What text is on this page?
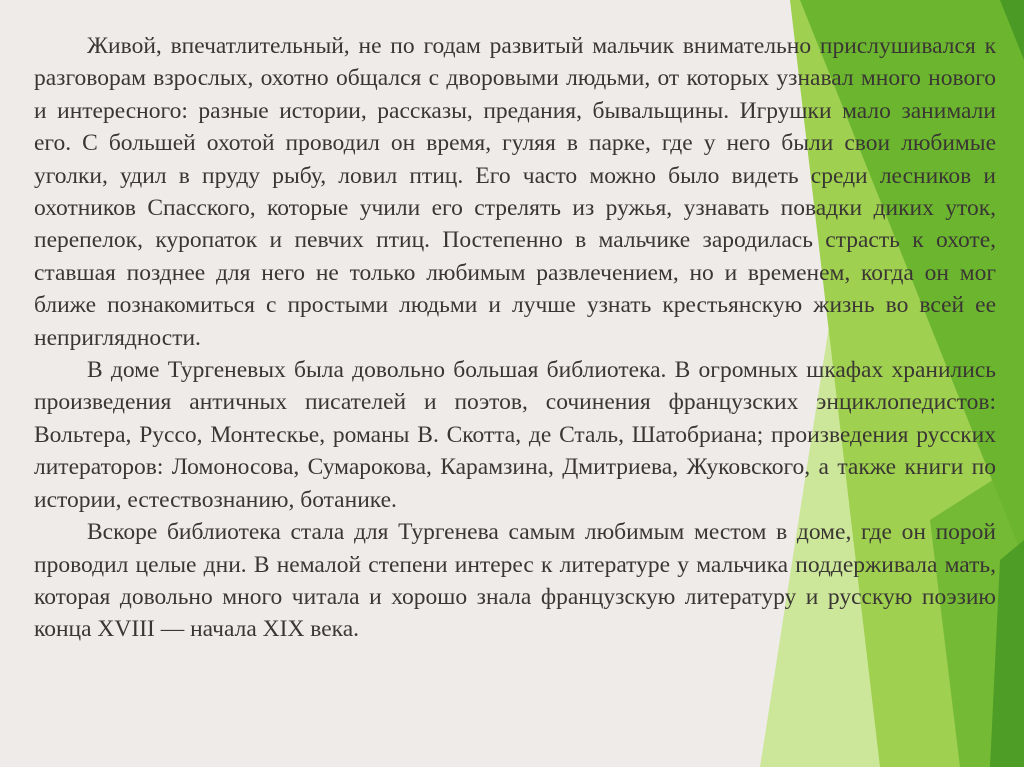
Живой, впечатлительный, не по годам развитый мальчик внимательно прислушивался к разговорам взрослых, охотно общался с дворовыми людьми, от которых узнавал много нового и интересного: разные истории, рассказы, предания, бывальщины. Игрушки мало занимали его. С большей охотой проводил он время, гуляя в парке, где у него были свои любимые уголки, удил в пруду рыбу, ловил птиц. Его часто можно было видеть среди лесников и охотников Спасского, которые учили его стрелять из ружья, узнавать повадки диких уток, перепелок, куропаток и певчих птиц. Постепенно в мальчике зародилась страсть к охоте, ставшая позднее для него не только любимым развлечением, но и временем, когда он мог ближе познакомиться с простыми людьми и лучше узнать крестьянскую жизнь во всей ее неприглядности.

В доме Тургеневых была довольно большая библиотека. В огромных шкафах хранились произведения античных писателей и поэтов, сочинения французских энциклопедистов: Вольтера, Руссо, Монтескье, романы В. Скотта, де Сталь, Шатобриана; произведения русских литераторов: Ломоносова, Сумарокова, Карамзина, Дмитриева, Жуковского, а также книги по истории, естествознанию, ботанике.

Вскоре библиотека стала для Тургенева самым любимым местом в доме, где он порой проводил целые дни. В немалой степени интерес к литературе у мальчика поддерживала мать, которая довольно много читала и хорошо знала французскую литературу и русскую поэзию конца XVIII — начала XIX века.
